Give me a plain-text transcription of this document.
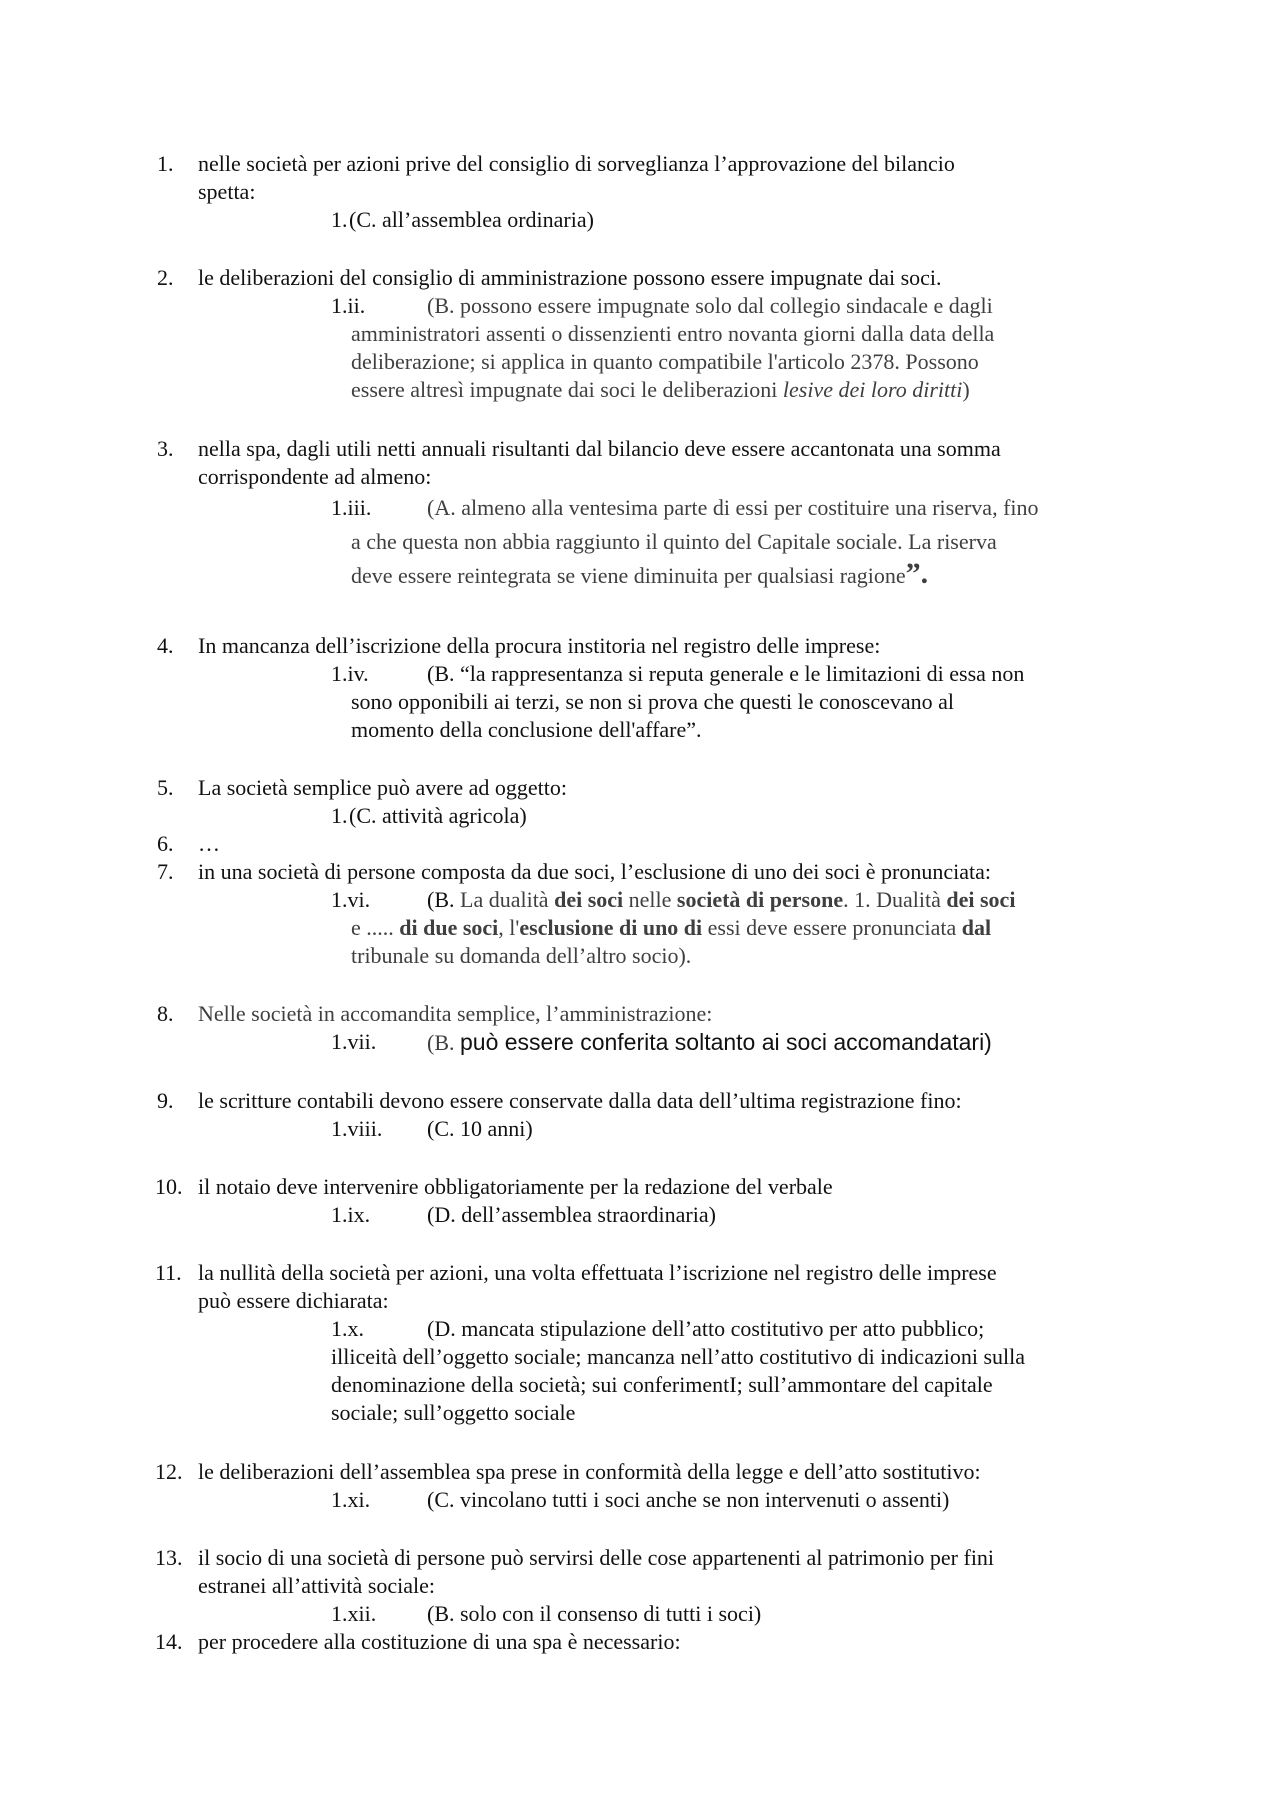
1. nelle società per azioni prive del consiglio di sorveglianza l’approvazione del bilancio
spetta:
1. (C. all’assemblea ordinaria)
2. le deliberazioni del consiglio di amministrazione possono essere impugnate dai soci.
1.ii.	(B. possono essere impugnate solo dal collegio sindacale e dagli
amministratori assenti o dissenzienti entro novanta giorni dalla data della
deliberazione; si applica in quanto compatibile l'articolo 2378. Possono
essere altresì impugnate dai soci le deliberazioni lesive dei loro diritti)
3. nella spa, dagli utili netti annuali risultanti dal bilancio deve essere accantonata una somma
corrispondente ad almeno:
1.iii.	(A. almeno alla ventesima parte di essi per costituire una riserva, fino
a che questa non abbia raggiunto il quinto del Capitale sociale. La riserva
deve essere reintegrata se viene diminuita per qualsiasi ragione”.
4. In mancanza dell’iscrizione della procura institoria nel registro delle imprese:
1.iv.	(B. “la rappresentanza si reputa generale e le limitazioni di essa non
sono opponibili ai terzi, se non si prova che questi le conoscevano al
momento della conclusione dell'affare”.
5. La società semplice può avere ad oggetto:
1. (C. attività agricola)
6. …
7. in una società di persone composta da due soci, l’esclusione di uno dei soci è pronunciata:
1.vi.	(B. La dualità dei soci nelle società di persone. 1. Dualità dei soci
e ..... di due soci, l'esclusione di uno di essi deve essere pronunciata dal
tribunale su domanda dell’altro socio).
8. Nelle società in accomandita semplice, l’amministrazione:
1.vii.	(B. può essere conferita soltanto ai soci accomandatari)
9. le scritture contabili devono essere conservate dalla data dell’ultima registrazione fino:
1.viii.	(C. 10 anni)
10. il notaio deve intervenire obbligatoriamente per la redazione del verbale
1.ix.	(D. dell’assemblea straordinaria)
11. la nullità della società per azioni, una volta effettuata l’iscrizione nel registro delle imprese
può essere dichiarata:
1.x.	(D. mancata stipulazione dell’atto costitutivo per atto pubblico;
illiceità dell’oggetto sociale; mancanza nell’atto costitutivo di indicazioni sulla
denominazione della società; sui conferimentI; sull’ammontare del capitale
sociale; sull’oggetto sociale
12. le deliberazioni dell’assemblea spa prese in conformità della legge e dell’atto sostitutivo:
1.xi.	(C. vincolano tutti i soci anche se non intervenuti o assenti)
13. il socio di una società di persone può servirsi delle cose appartenenti al patrimonio per fini
estranei all’attività sociale:
1.xii.	(B. solo con il consenso di tutti i soci)
14. per procedere alla costituzione di una spa è necessario:
